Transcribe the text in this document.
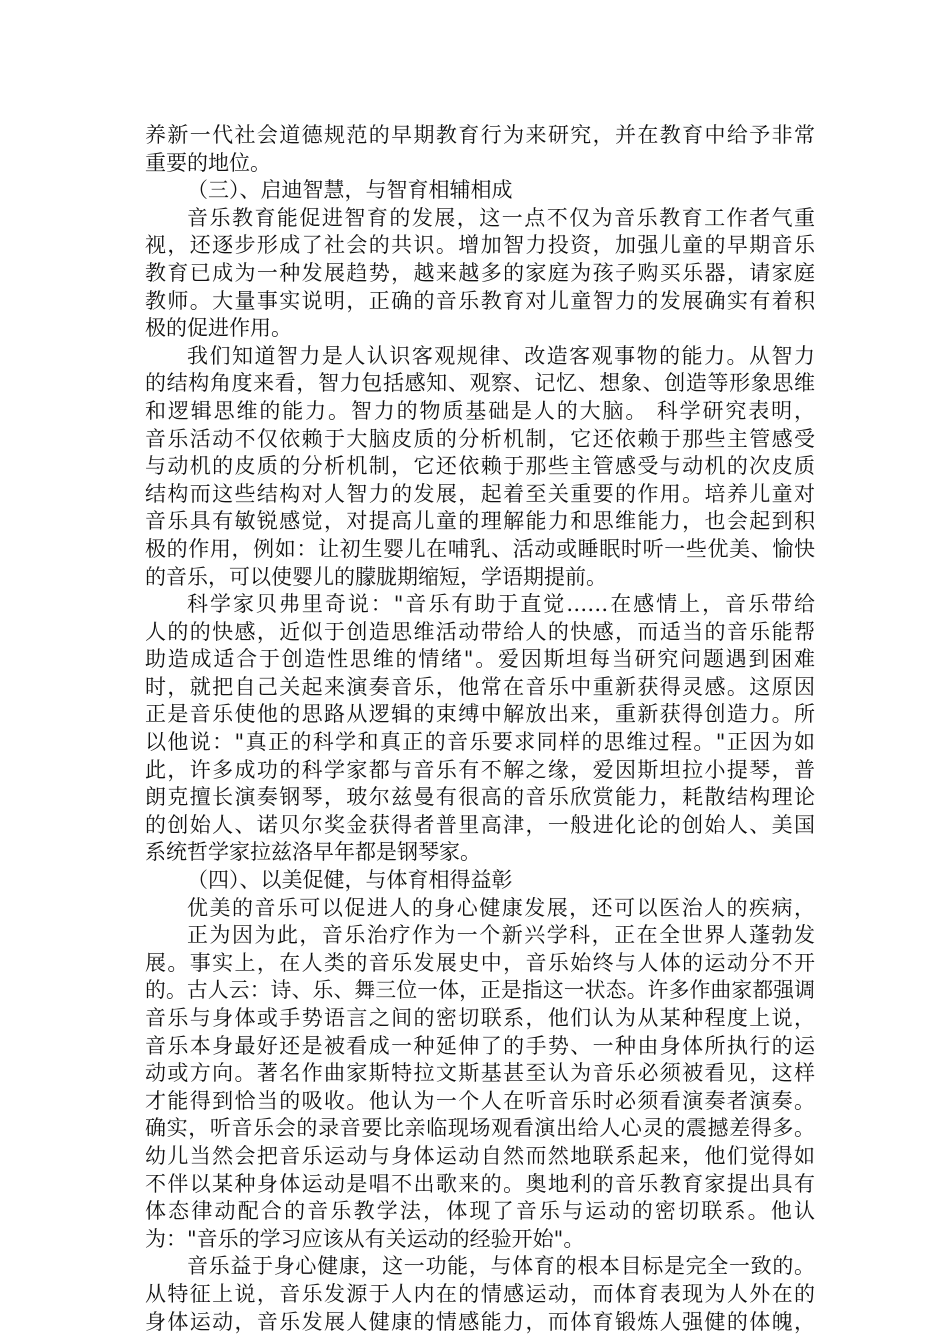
养新一代社会道德规范的早期教育行为来研究，并在教育中给予非常
重要的地位。
（三）、启迪智慧，与智育相辅相成
音乐教育能促进智育的发展，这一点不仅为音乐教育工作者气重
视，还逐步形成了社会的共识。增加智力投资，加强儿童的早期音乐
教育已成为一种发展趋势，越来越多的家庭为孩子购买乐器，请家庭
教师。大量事实说明，正确的音乐教育对儿童智力的发展确实有着积
极的促进作用。
我们知道智力是人认识客观规律、改造客观事物的能力。从智力
的结构角度来看，智力包括感知、观察、记忆、想象、创造等形象思维
和逻辑思维的能力。智力的物质基础是人的大脑。 科学研究表明，
音乐活动不仅依赖于大脑皮质的分析机制，它还依赖于那些主管感受
与动机的皮质的分析机制，它还依赖于那些主管感受与动机的次皮质
结构而这些结构对人智力的发展，起着至关重要的作用。培养儿童对
音乐具有敏锐感觉，对提高儿童的理解能力和思维能力，也会起到积
极的作用，例如：让初生婴儿在哺乳、活动或睡眠时听一些优美、愉快
的音乐，可以使婴儿的朦胧期缩短，学语期提前。
科学家贝弗里奇说："音乐有助于直觉……在感情上，音乐带给
人的的快感，近似于创造思维活动带给人的快感，而适当的音乐能帮
助造成适合于创造性思维的情绪"。爱因斯坦每当研究问题遇到困难
时，就把自己关起来演奏音乐，他常在音乐中重新获得灵感。这原因
正是音乐使他的思路从逻辑的束缚中解放出来，重新获得创造力。所
以他说："真正的科学和真正的音乐要求同样的思维过程。"正因为如
此，许多成功的科学家都与音乐有不解之缘，爱因斯坦拉小提琴，普
朗克擅长演奏钢琴，玻尔兹曼有很高的音乐欣赏能力，耗散结构理论
的创始人、诺贝尔奖金获得者普里高津，一般进化论的创始人、美国
系统哲学家拉兹洛早年都是钢琴家。
（四）、以美促健，与体育相得益彰
优美的音乐可以促进人的身心健康发展，还可以医治人的疾病，
正为因为此，音乐治疗作为一个新兴学科，正在全世界人蓬勃发
展。事实上，在人类的音乐发展史中，音乐始终与人体的运动分不开
的。古人云：诗、乐、舞三位一体，正是指这一状态。许多作曲家都强调
音乐与身体或手势语言之间的密切联系，他们认为从某种程度上说，
音乐本身最好还是被看成一种延伸了的手势、一种由身体所执行的运
动或方向。著名作曲家斯特拉文斯基甚至认为音乐必须被看见，这样
才能得到恰当的吸收。他认为一个人在听音乐时必须看演奏者演奏。
确实，听音乐会的录音要比亲临现场观看演出给人心灵的震撼差得多。
幼儿当然会把音乐运动与身体运动自然而然地联系起来，他们觉得如
不伴以某种身体运动是唱不出歌来的。奥地利的音乐教育家提出具有
体态律动配合的音乐教学法，体现了音乐与运动的密切联系。他认
为："音乐的学习应该从有关运动的经验开始"。
音乐益于身心健康，这一功能，与体育的根本目标是完全一致的。
从特征上说，音乐发源于人内在的情感运动，而体育表现为人外在的
身体运动，音乐发展人健康的情感能力，而体育锻炼人强健的体魄，
